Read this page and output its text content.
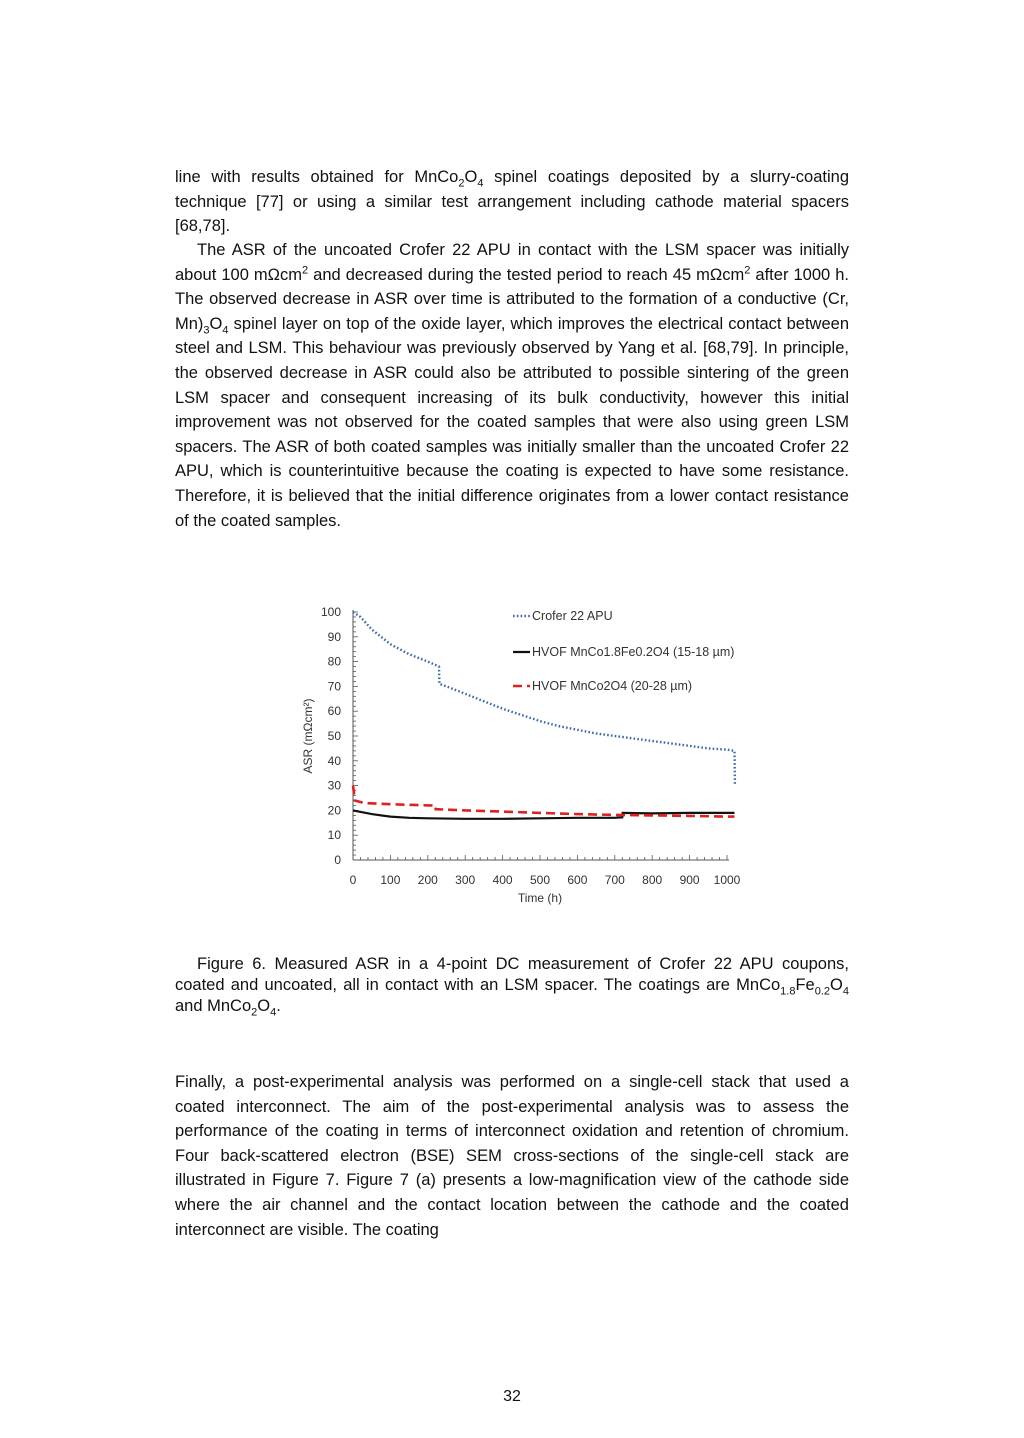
line with results obtained for $MnCo_2O_4$ spinel coatings deposited by a slurry-coating technique [77] or using a similar test arrangement including cathode material spacers [68,78].

The ASR of the uncoated Crofer 22 APU in contact with the LSM spacer was initially about 100 mΩcm$^2$ and decreased during the tested period to reach 45 mΩcm$^2$ after 1000 h. The observed decrease in ASR over time is attributed to the formation of a conductive (Cr, $Mn)_3O_4$ spinel layer on top of the oxide layer, which improves the electrical contact between steel and LSM. This behaviour was previously observed by Yang et al. [68,79]. In principle, the observed decrease in ASR could also be attributed to possible sintering of the green LSM spacer and consequent increasing of its bulk conductivity, however this initial improvement was not observed for the coated samples that were also using green LSM spacers. The ASR of both coated samples was initially smaller than the uncoated Crofer 22 APU, which is counterintuitive because the coating is expected to have some resistance. Therefore, it is believed that the initial difference originates from a lower contact resistance of the coated samples.

0
10
20
30
40
50
60
70
80
90
100
0 100 200 300 400 500 600 700 800 900 1000
Time (h)
ASR (mΩcm²)
Crofer 22 APU
HVOF MnCo1.8Fe0.2O4 (15-18 µm)
HVOF MnCo2O4 (20-28 µm)

Figure 6. Measured ASR in a 4-point DC measurement of Crofer 22 APU coupons, coated and uncoated, all in contact with an LSM spacer. The coatings are $MnCo_{1.8}Fe_{0.2}O_4$ and $MnCo_2O_4$.

Finally, a post-experimental analysis was performed on a single-cell stack that used a coated interconnect. The aim of the post-experimental analysis was to assess the performance of the coating in terms of interconnect oxidation and retention of chromium. Four back-scattered electron (BSE) SEM cross-sections of the single-cell stack are illustrated in Figure 7. Figure 7 (a) presents a low-magnification view of the cathode side where the air channel and the contact location between the cathode and the coated interconnect are visible. The coating

32
